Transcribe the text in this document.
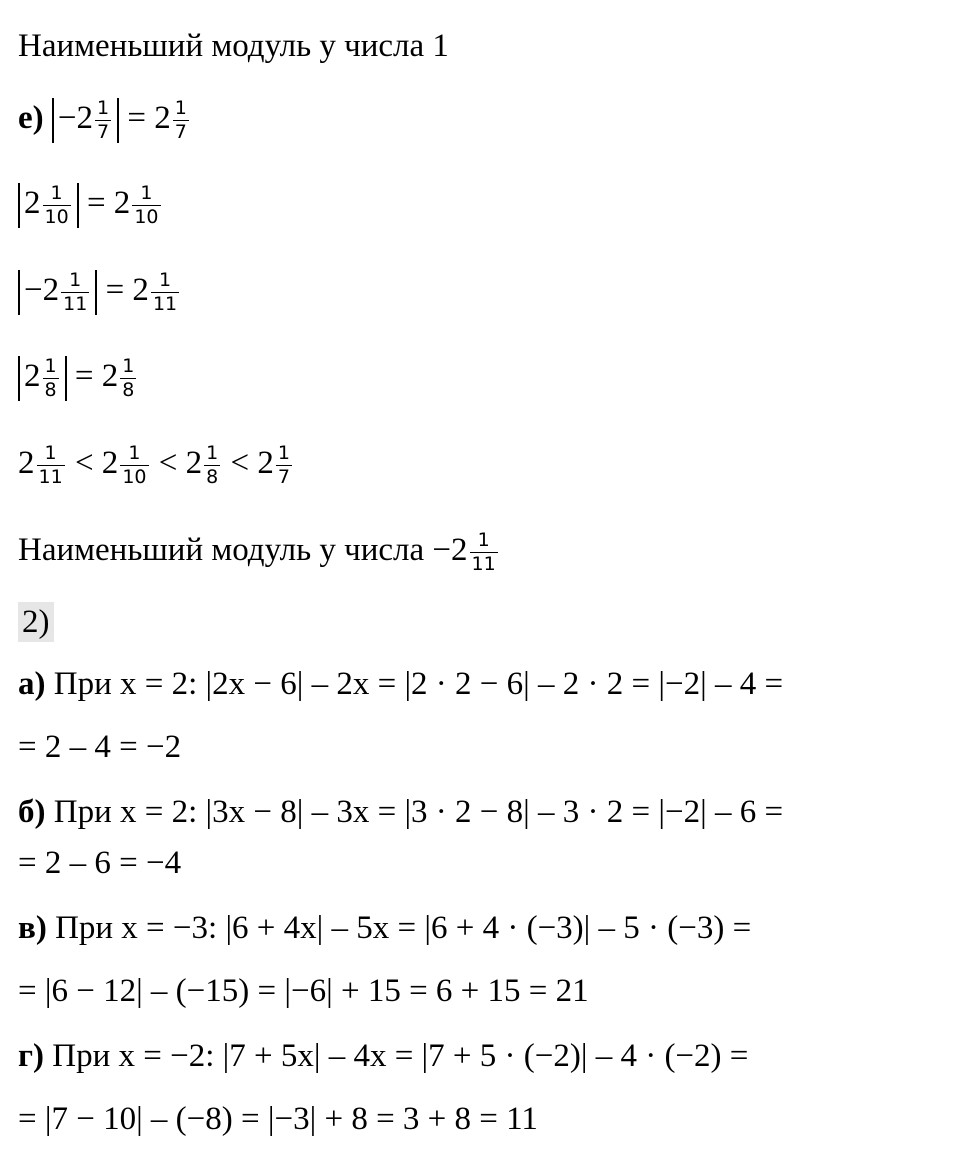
Наименьший модуль у числа 1
$е) -2 \frac{1}{7} = 2 \frac{1}{7}$
$2 \frac{1}{10} = 2 \frac{1}{10}$
$-2 \frac{1}{11} = 2 \frac{1}{11}$
$2 \frac{1}{8} = 2 \frac{1}{8}$
$2 \frac{1}{11} < 2 \frac{1}{10} < 2 \frac{1}{8} < 2 \frac{1}{7}$
Наименьший модуль у числа $-2 \frac{1}{11}$
2)
а) При x = 2: |2x − 6| – 2x = |2 · 2 − 6| – 2 · 2 = |−2| – 4 =
= 2 – 4 = −2
б) При x = 2: |3x − 8| – 3x = |3 · 2 − 8| – 3 · 2 = |−2| – 6 =
= 2 – 6 = −4
в) При x = −3: |6 + 4x| – 5x = |6 + 4 · (−3)| – 5 · (−3) =
= |6 − 12| – (−15) = |−6| + 15 = 6 + 15 = 21
г) При x = −2: |7 + 5x| – 4x = |7 + 5 · (−2)| – 4 · (−2) =
= |7 − 10| – (−8) = |−3| + 8 = 3 + 8 = 11
